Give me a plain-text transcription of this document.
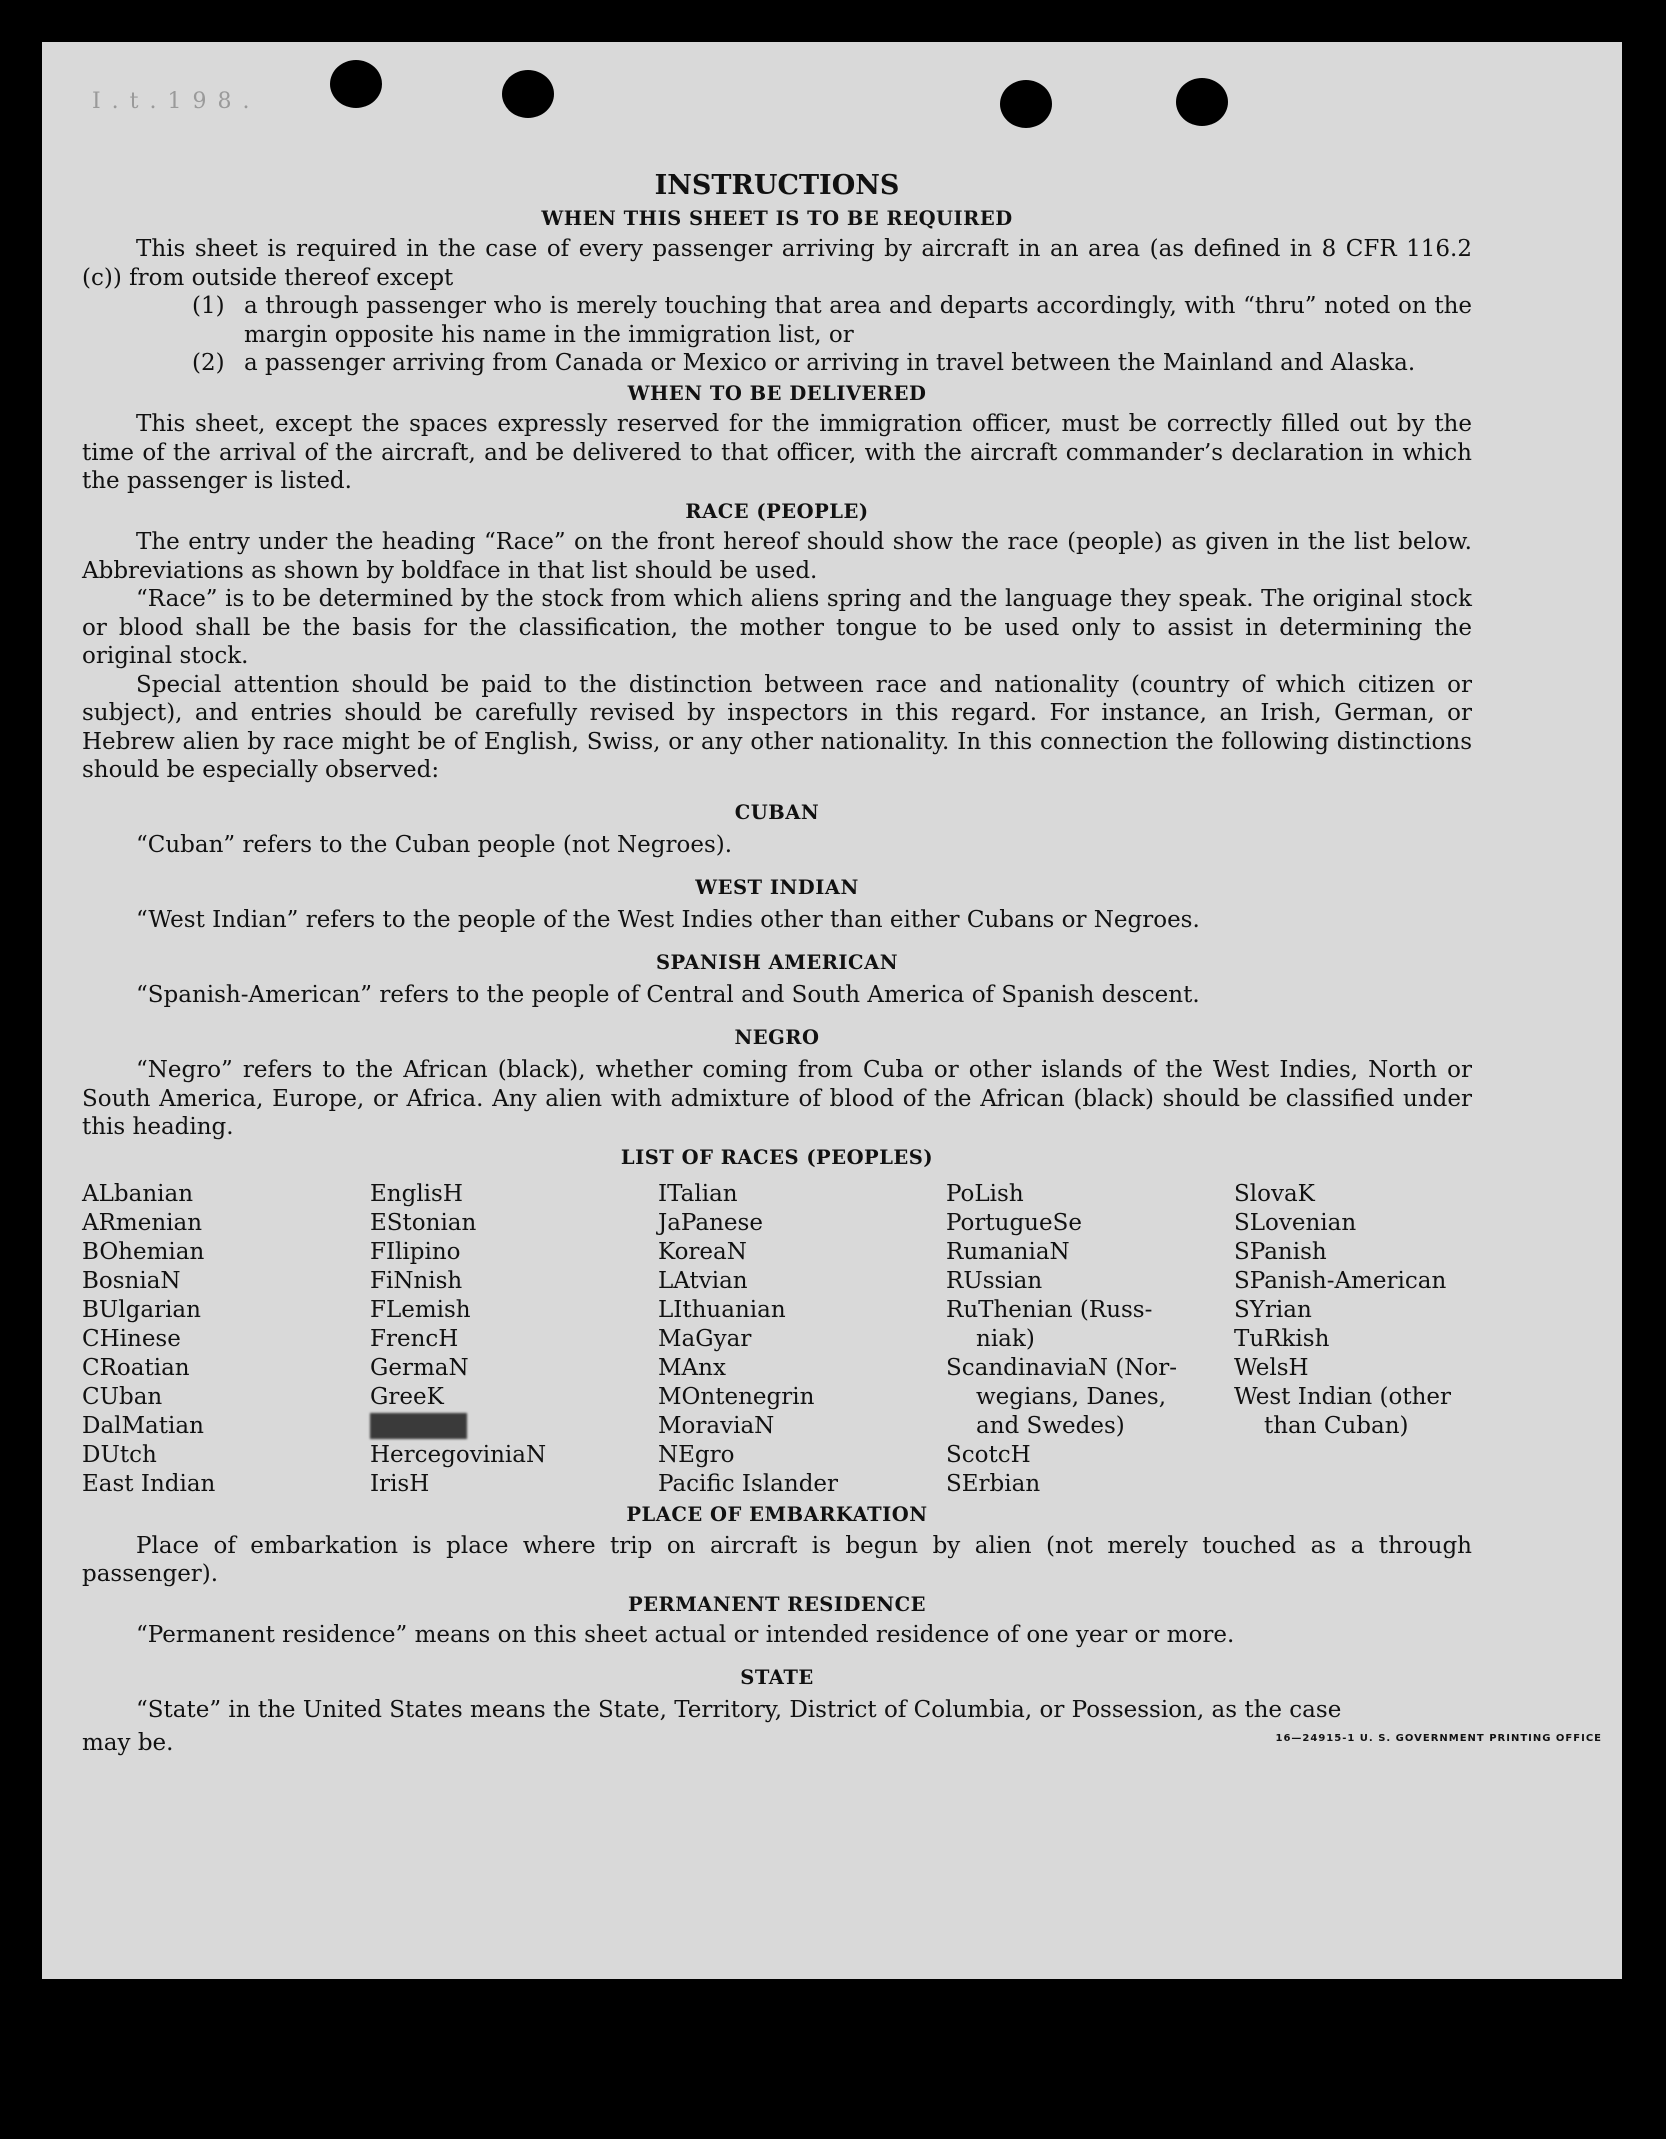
I . t . 1 9 8 .
INSTRUCTIONS
WHEN THIS SHEET IS TO BE REQUIRED

This sheet is required in the case of every passenger arriving by aircraft in an area (as defined in 8 CFR 116.2 (c)) from outside thereof except

(1) a through passenger who is merely touching that area and departs accordingly, with “thru” noted on the margin opposite his name in the immigration list, or
(2) a passenger arriving from Canada or Mexico or arriving in travel between the Mainland and Alaska.
WHEN TO BE DELIVERED

This sheet, except the spaces expressly reserved for the immigration officer, must be correctly filled out by the time of the arrival of the aircraft, and be delivered to that officer, with the aircraft commander’s declaration in which the passenger is listed.

RACE (PEOPLE)

The entry under the heading “Race” on the front hereof should show the race (people) as given in the list below. Abbreviations as shown by boldface in that list should be used.

“Race” is to be determined by the stock from which aliens spring and the language they speak. The original stock or blood shall be the basis for the classification, the mother tongue to be used only to assist in determining the original stock.

Special attention should be paid to the distinction between race and nationality (country of which citizen or subject), and entries should be carefully revised by inspectors in this regard. For instance, an Irish, German, or Hebrew alien by race might be of English, Swiss, or any other nationality. In this connection the following distinctions should be especially observed:

CUBAN

“Cuban” refers to the Cuban people (not Negroes).

WEST INDIAN

“West Indian” refers to the people of the West Indies other than either Cubans or Negroes.

SPANISH AMERICAN

“Spanish-American” refers to the people of Central and South America of Spanish descent.

NEGRO

“Negro” refers to the African (black), whether coming from Cuba or other islands of the West Indies, North or South America, Europe, or Africa. Any alien with admixture of blood of the African (black) should be classified under this heading.

LIST OF RACES (PEOPLES)
ALbanian
ARmenian
BOhemian
BosniaN
BUlgarian
CHinese
CRoatian
CUban
DalMatian
DUtch
East Indian
EnglisH
EStonian
FIlipino
FiNnish
FLemish
FrencH
GermaN
GreeK
HebreW
HercegoviniaN
IrisH
ITalian
JaPanese
KoreaN
LAtvian
LIthuanian
MaGyar
MAnx
MOntenegrin
MoraviaN
NEgro
Pacific Islander
PoLish
PortugueSe
RumaniaN
RUssian
RuThenian (Russ-
niak)
ScandinaviaN (Nor-
wegians, Danes,
and Swedes)
ScotcH
SErbian
SlovaK
SLovenian
SPanish
SPanish-American
SYrian
TuRkish
WelsH
West Indian (other
than Cuban)
PLACE OF EMBARKATION

Place of embarkation is place where trip on aircraft is begun by alien (not merely touched as a through passenger).

PERMANENT RESIDENCE

“Permanent residence” means on this sheet actual or intended residence of one year or more.

STATE

“State” in the United States means the State, Territory, District of Columbia, or Possession, as the case

may be.	16—24915-1 U. S. GOVERNMENT PRINTING OFFICE
